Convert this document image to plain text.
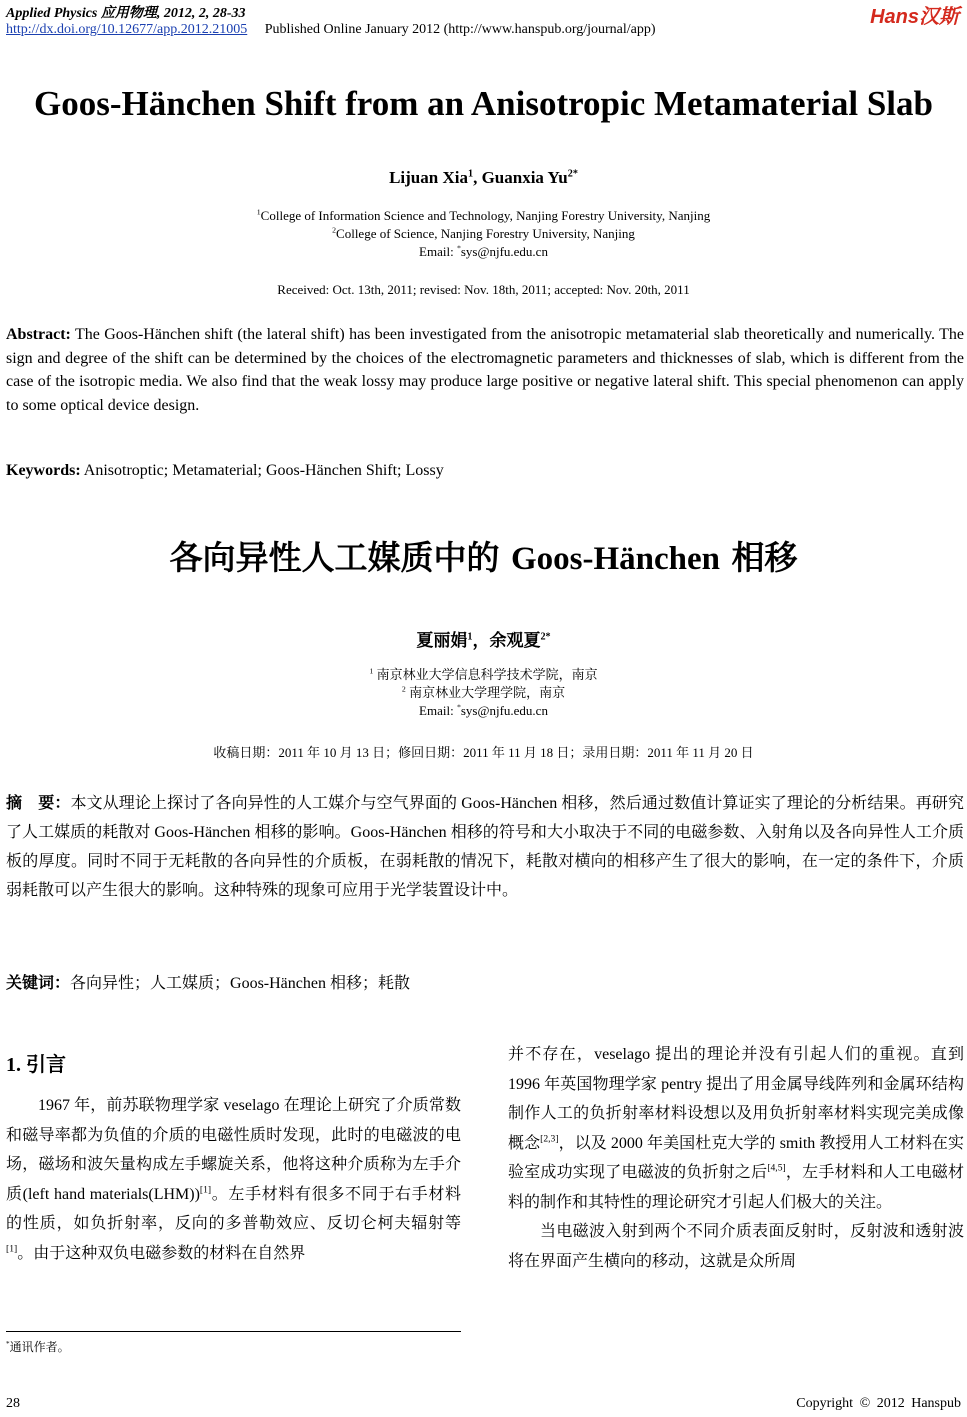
Applied Physics 应用物理, 2012, 2, 28-33
http://dx.doi.org/10.12677/app.2012.21005 Published Online January 2012 (http://www.hanspub.org/journal/app)
Hans汉斯
Goos-Hänchen Shift from an Anisotropic Metamaterial Slab
Lijuan Xia$^1$, Guanxia $Yu^{2*}$
$^1$College of Information Science and Technology, Nanjing Forestry University, Nanjing
$^2$College of Science, Nanjing Forestry University, Nanjing
Email: *sys@njfu.edu.cn
Received: Oct. 13th, 2011; revised: Nov. 18th, 2011; accepted: Nov. 20th, 2011
Abstract: The Goos-Hänchen shift (the lateral shift) has been investigated from the anisotropic metamaterial slab theoretically and numerically. The sign and degree of the shift can be determined by the choices of the electromagnetic parameters and thicknesses of slab, which is different from the case of the isotropic media. We also find that the weak lossy may produce large positive or negative lateral shift. This special phenomenon can apply to some optical device design.
Keywords: Anisotroptic; Metamaterial; Goos-Hänchen Shift; Lossy
各向异性人工媒质中的 Goos-Hänchen 相移
夏丽娟$^1$，余观夏$^{2*}$
$^1$ 南京林业大学信息科学技术学院，南京
$^2$ 南京林业大学理学院，南京
Email: *sys@njfu.edu.cn
收稿日期：2011 年 10 月 13 日；修回日期：2011 年 11 月 18 日；录用日期：2011 年 11 月 20 日
摘　要：本文从理论上探讨了各向异性的人工媒介与空气界面的 Goos-Hänchen 相移，然后通过数值计算证实了理论的分析结果。再研究了人工媒质的耗散对 Goos-Hänchen 相移的影响。Goos-Hänchen 相移的符号和大小取决于不同的电磁参数、入射角以及各向异性人工介质板的厚度。同时不同于无耗散的各向异性的介质板，在弱耗散的情况下，耗散对横向的相移产生了很大的影响，在一定的条件下，介质弱耗散可以产生很大的影响。这种特殊的现象可应用于光学装置设计中。
关键词：各向异性；人工媒质；Goos-Hänchen 相移；耗散
1. 引言

1967 年，前苏联物理学家 veselago 在理论上研究了介质常数和磁导率都为负值的介质的电磁性质时发现，此时的电磁波的电场，磁场和波矢量构成左手螺旋关系，他将这种介质称为左手介质(left hand materials(LHM))[1]。左手材料有很多不同于右手材料的性质，如负折射率，反向的多普勒效应、反切仑柯夫辐射等[1]。由于这种双负电磁参数的材料在自然界

并不存在，veselago 提出的理论并没有引起人们的重视。直到 1996 年英国物理学家 pentry 提出了用金属导线阵列和金属环结构制作人工的负折射率材料设想以及用负折射率材料实现完美成像概念[2,3]，以及 2000 年美国杜克大学的 smith 教授用人工材料在实验室成功实现了电磁波的负折射之后[4,5]，左手材料和人工电磁材料的制作和其特性的理论研究才引起人们极大的关注。

当电磁波入射到两个不同介质表面反射时，反射波和透射波将在界面产生横向的移动，这就是众所周

*通讯作者。
28	Copyright © 2012 Hanspub
